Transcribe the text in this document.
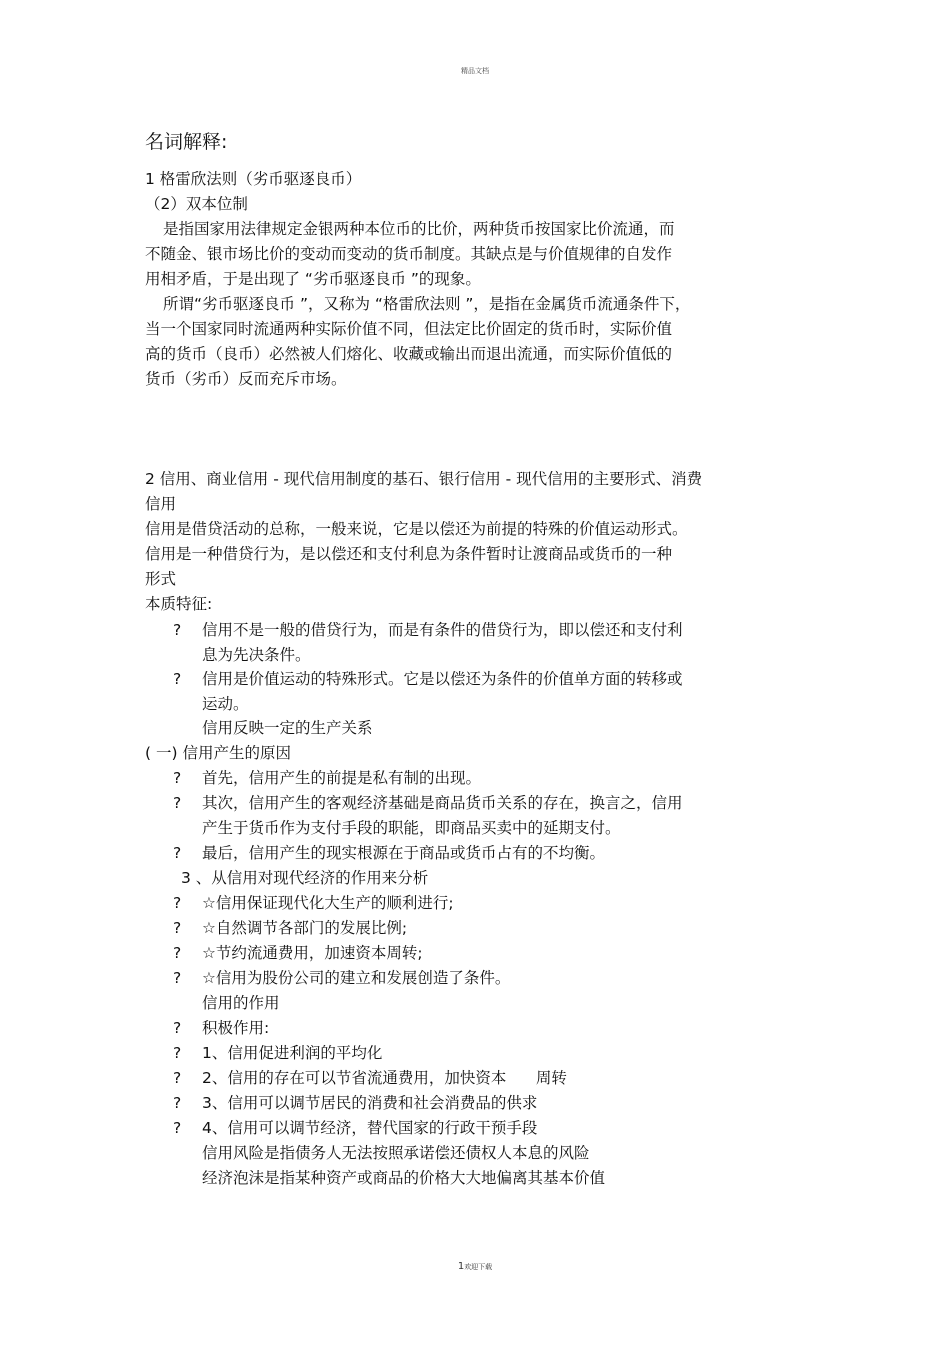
精品文档
名词解释:
1 格雷欣法则（劣币驱逐良币）
（2）双本位制
是指国家用法律规定金银两种本位币的比价，两种货币按国家比价流通，而
不随金、银市场比价的变动而变动的货币制度。其缺点是与价值规律的自发作
用相矛盾，于是出现了 “劣币驱逐良币 ”的现象。
所谓“劣币驱逐良币 ”，又称为 “格雷欣法则 ”，是指在金属货币流通条件下，
当一个国家同时流通两种实际价值不同，但法定比价固定的货币时，实际价值
高的货币（良币）必然被人们熔化、收藏或输出而退出流通，而实际价值低的
货币（劣币）反而充斥市场。
2 信用、商业信用 - 现代信用制度的基石、银行信用 - 现代信用的主要形式、消费
信用
信用是借贷活动的总称，一般来说，它是以偿还为前提的特殊的价值运动形式。
信用是一种借贷行为，是以偿还和支付利息为条件暂时让渡商品或货币的一种
形式
本质特征:
? 信用不是一般的借贷行为，而是有条件的借贷行为，即以偿还和支付利
息为先决条件。
? 信用是价值运动的特殊形式。它是以偿还为条件的价值单方面的转移或
运动。
信用反映一定的生产关系
( 一) 信用产生的原因
? 首先，信用产生的前提是私有制的出现。
? 其次，信用产生的客观经济基础是商品货币关系的存在，换言之，信用
产生于货币作为支付手段的职能，即商品买卖中的延期支付。
? 最后，信用产生的现实根源在于商品或货币占有的不均衡。
3 、从信用对现代经济的作用来分析
? ☆信用保证现代化大生产的顺利进行;
? ☆自然调节各部门的发展比例;
? ☆节约流通费用，加速资本周转;
? ☆信用为股份公司的建立和发展创造了条件。
信用的作用
? 积极作用:
? 1、信用促进利润的平均化
? 2、信用的存在可以节省流通费用，加快资本      周转
? 3、信用可以调节居民的消费和社会消费品的供求
? 4、信用可以调节经济，替代国家的行政干预手段
信用风险是指债务人无法按照承诺偿还债权人本息的风险
经济泡沫是指某种资产或商品的价格大大地偏离其基本价值
1欢迎下载
